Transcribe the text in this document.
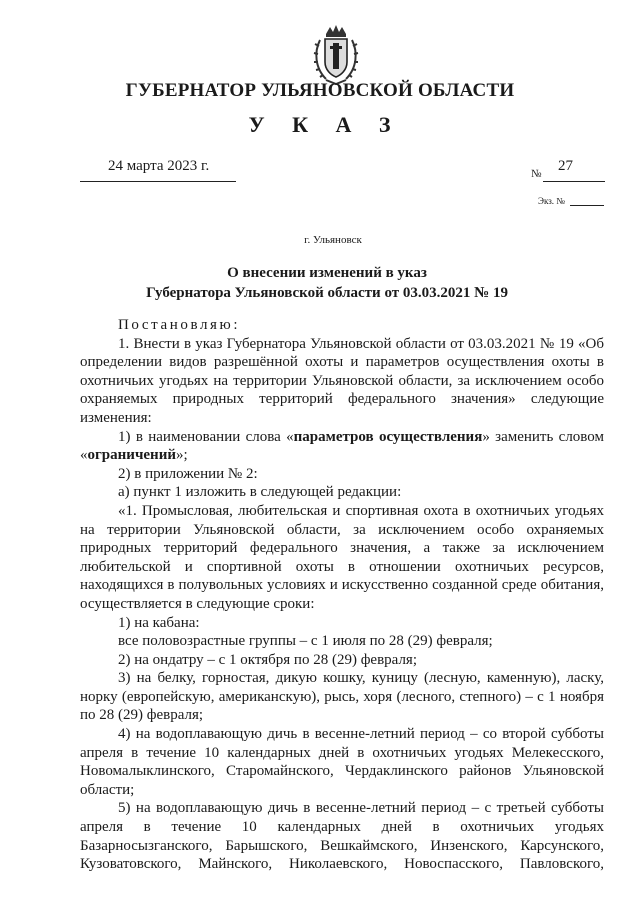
ГУБЕРНАТОР УЛЬЯНОВСКОЙ ОБЛАСТИ
У К А З
24 марта 2023 г.	№ 27
Экз. №
г. Ульяновск
О внесении изменений в указ
Губернатора Ульяновской области от 03.03.2021 № 19

Постановляю:

1. Внести в указ Губернатора Ульяновской области от 03.03.2021 № 19 «Об определении видов разрешённой охоты и параметров осуществления охоты в охотничьих угодьях на территории Ульяновской области, за исключением особо охраняемых природных территорий федерального значения» следующие изменения:

1) в наименовании слова «параметров осуществления» заменить словом «ограничений»;

2) в приложении № 2:

а) пункт 1 изложить в следующей редакции:

«1. Промысловая, любительская и спортивная охота в охотничьих угодьях на территории Ульяновской области, за исключением особо охраняемых природных территорий федерального значения, а также за исключением любительской и спортивной охоты в отношении охотничьих ресурсов, находящихся в полувольных условиях и искусственно созданной среде обитания, осуществляется в следующие сроки:

1) на кабана:

все половозрастные группы – с 1 июля по 28 (29) февраля;

2) на ондатру – с 1 октября по 28 (29) февраля;

3) на белку, горностая, дикую кошку, куницу (лесную, каменную), ласку, норку (европейскую, американскую), рысь, хоря (лесного, степного) – с 1 ноября по 28 (29) февраля;

4) на водоплавающую дичь в весенне-летний период – со второй субботы апреля в течение 10 календарных дней в охотничьих угодьях Мелекесского, Новомалыклинского, Старомайнского, Чердаклинского районов Ульяновской области;

5) на водоплавающую дичь в весенне-летний период – с третьей субботы апреля в течение 10 календарных дней в охотничьих угодьях Базарносызганского, Барышского, Вешкаймского, Инзенского, Карсунского, Кузоватовского, Майнского, Николаевского, Новоспасского, Павловского,
